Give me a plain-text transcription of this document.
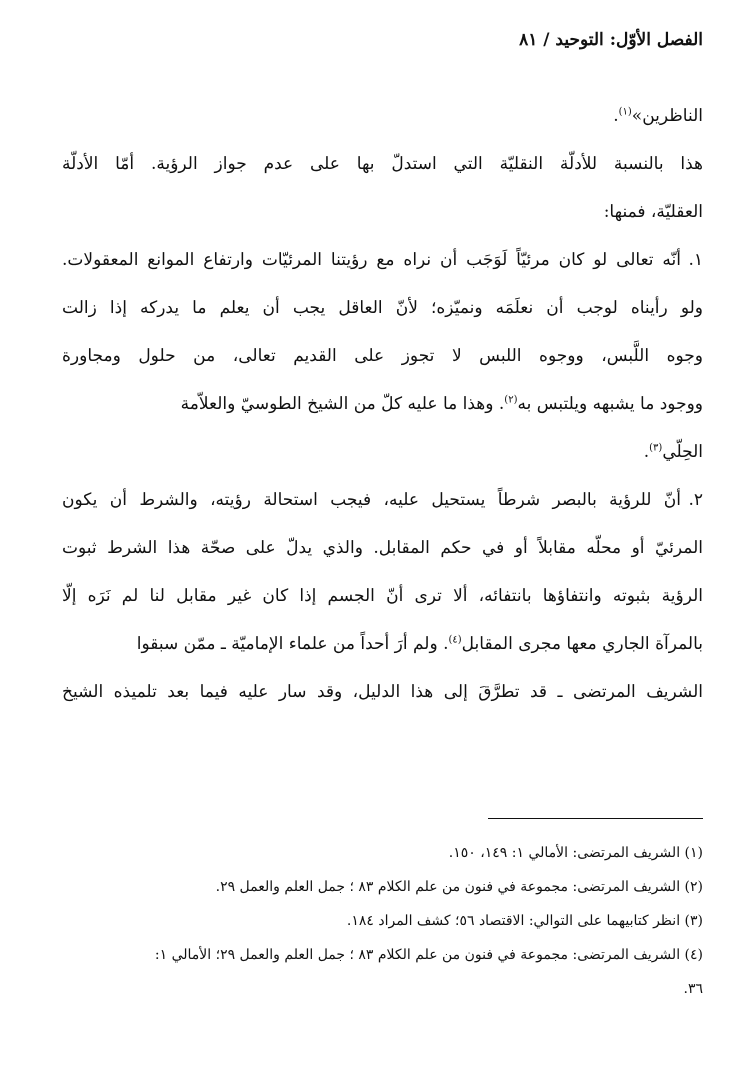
الفصل الأوّل: التوحيد / ٨١
الناظرين»$^{(١)}$.
هذا بالنسبة للأدلّة النقليّة التي استدلّ بها على عدم جواز الرؤية. أمّا الأدلّة
العقليّة، فمنها:
١.أنّه تعالى لو كان مرئيّاً لَوَجَب أن نراه مع رؤيتنا المرئيّات وارتفاع الموانع المعقولات.
ولو رأيناه لوجب أن نعلَمَه ونميّزه؛ لأنّ العاقل يجب أن يعلم ما يدركه إذا زالت
وجوه اللَّبس، ووجوه اللبس لا تجوز على القديم تعالى، من حلول ومجاورة
ووجود ما يشبهه ويلتبس به$^{(٢)}$. وهذا ما عليه كلّ من الشيخ الطوسيّ والعلاّمة
الحِلّي$^{(٣)}$.
٢.أنّ للرؤية بالبصر شرطاً يستحيل عليه، فيجب استحالة رؤيته، والشرط أن يكون
المرئيّ أو محلّه مقابلاً أو في حكم المقابل. والذي يدلّ على صحّة هذا الشرط ثبوت
الرؤية بثبوته وانتفاؤها بانتفائه، ألا ترى أنّ الجسم إذا كان غير مقابل لنا لم نَرَه إلّا
بالمرآة الجاري معها مجرى المقابل$^{(٤)}$. ولم أرَ أحداً من علماء الإماميّة ـ ممّن سبقوا
الشريف المرتضى ـ قد تطرَّقَ إلى هذا الدليل، وقد سار عليه فيما بعد تلميذه الشيخ
(١) الشريف المرتضى: الأمالي ١: ١٤٩، ١٥٠.
(٢) الشريف المرتضى: مجموعة في فنون من علم الكلام ٨٣ ؛ جمل العلم والعمل ٢٩.
(٣) انظر كتابيهما على التوالي: الاقتصاد ٥٦؛ كشف المراد ١٨٤.
(٤) الشريف المرتضى: مجموعة في فنون من علم الكلام ٨٣ ؛ جمل العلم والعمل ٢٩؛ الأمالي ١:
٣٦.
